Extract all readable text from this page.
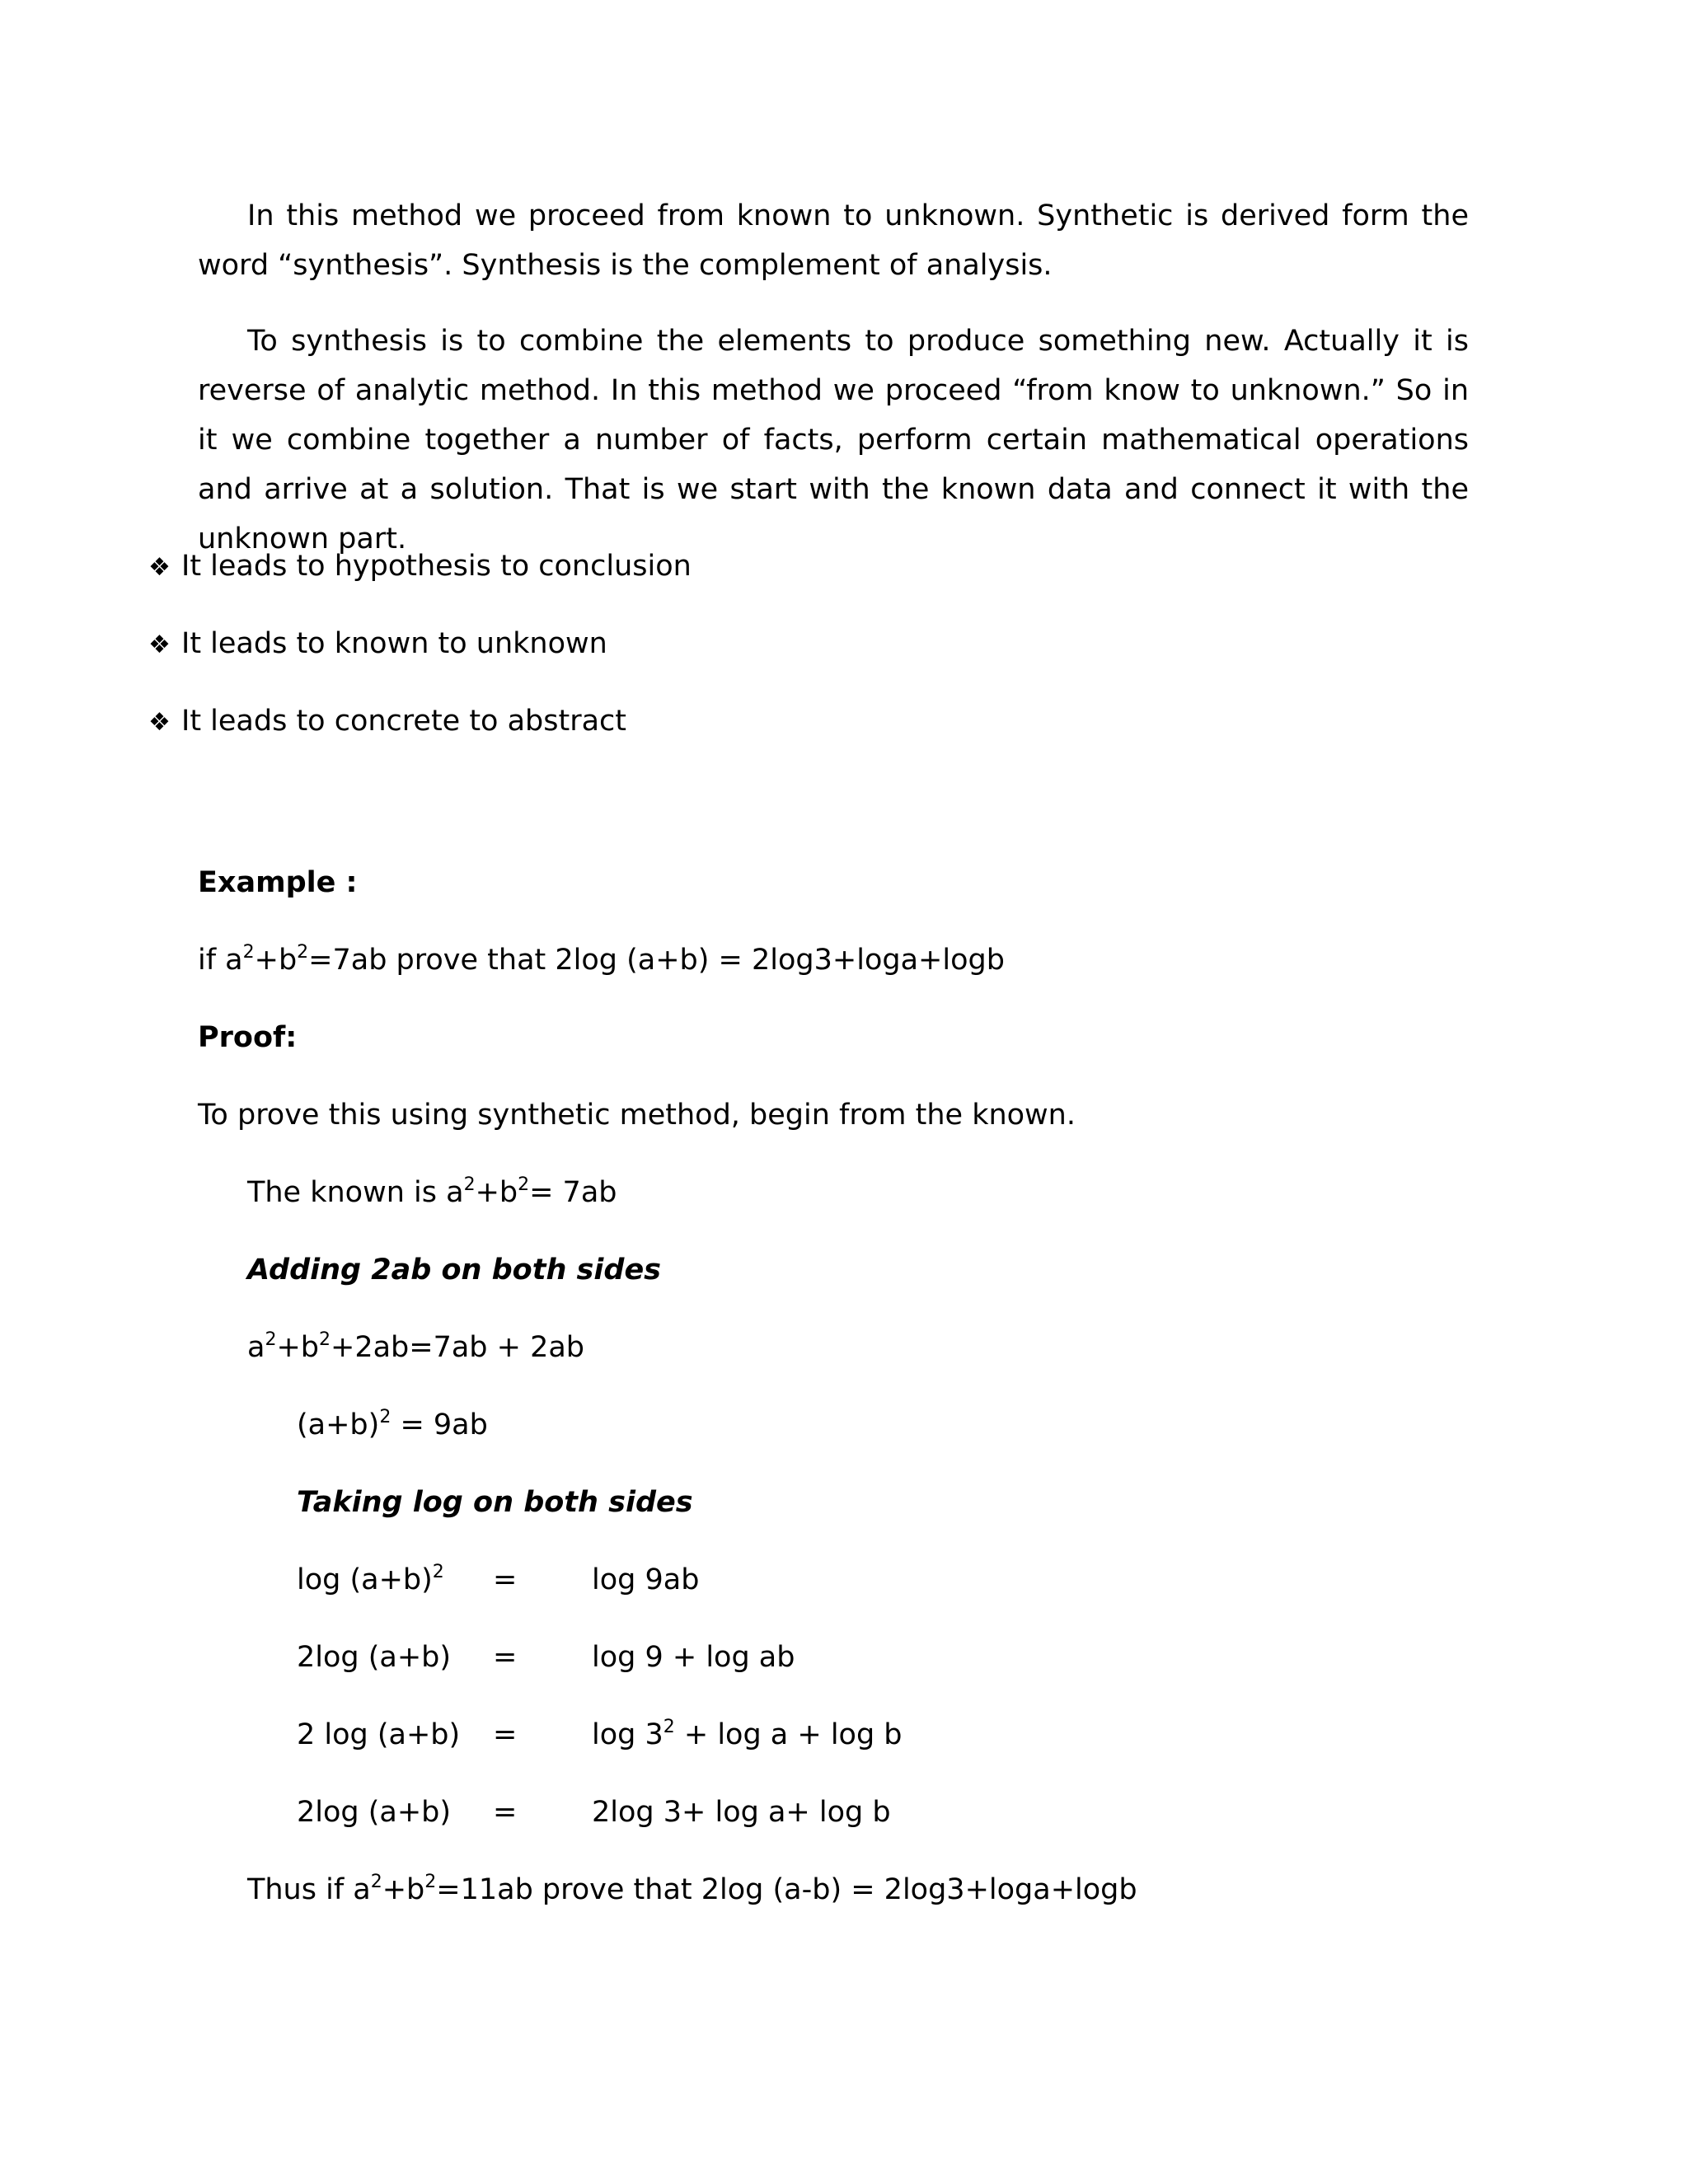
In this method we proceed from known to unknown. Synthetic is derived form the word “synthesis”. Synthesis is the complement of analysis.
To synthesis is to combine the elements to produce something new. Actually it is reverse of analytic method. In this method we proceed “from know to unknown.” So in it we combine together a number of facts, perform certain mathematical operations and arrive at a solution. That is we start with the known data and connect it with the unknown part.
❖ It leads to hypothesis to conclusion
❖ It leads to known to unknown
❖ It leads to concrete to abstract
Example :
if $a^2+b^2=7ab$ prove that 2log (a+b) = 2log3+loga+logb
Proof:
To prove this using synthetic method, begin from the known.
The known is $a^2+b^2= 7ab$
Adding 2ab on both sides
$a^2+b^2+2ab=7ab + 2ab$
$(a+b)^2 = 9ab$
Taking log on both sides
$\log (a+b)^2$ =	log 9ab
2log (a+b) =	log 9 + log ab
2 log (a+b) =	$\log 3^2 + \log a + \log b$
2log (a+b) =	2log 3+ log a+ log b
Thus if $a^2+b^2=11ab$ prove that 2log (a-b) = 2log3+loga+logb
